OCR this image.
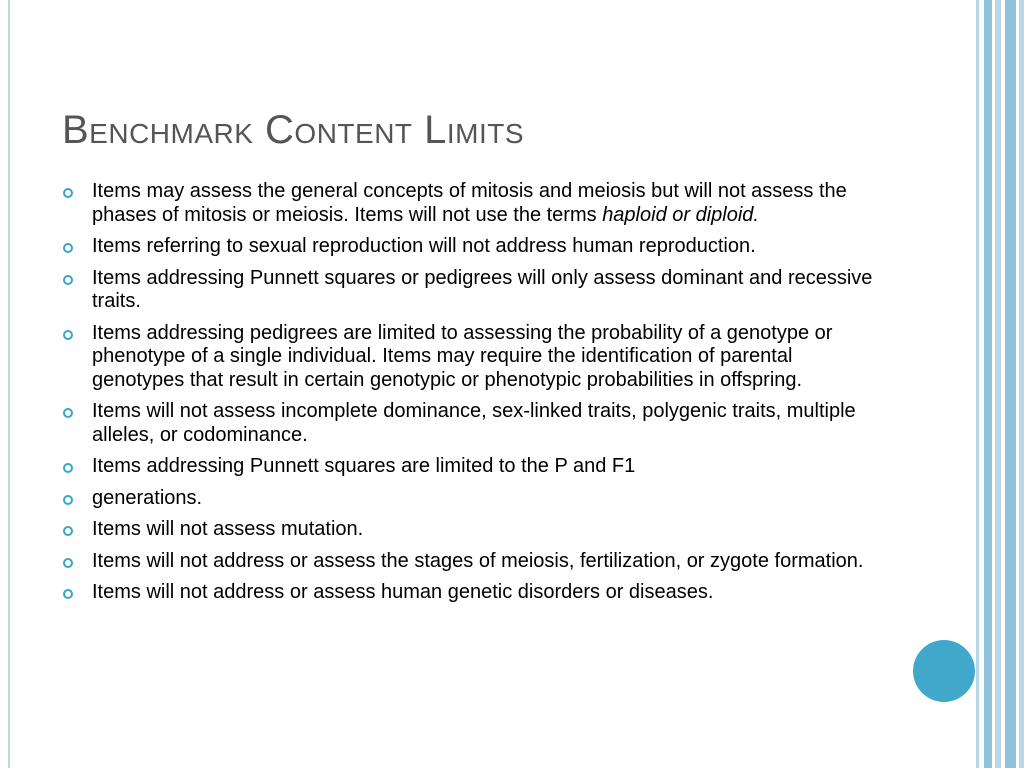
Benchmark Content Limits
Items may assess the general concepts of mitosis and meiosis but will not assess the phases of mitosis or meiosis. Items will not use the terms haploid or diploid.
Items referring to sexual reproduction will not address human reproduction.
Items addressing Punnett squares or pedigrees will only assess dominant and recessive traits.
Items addressing pedigrees are limited to assessing the probability of a genotype or phenotype of a single individual. Items may require the identification of parental genotypes that result in certain genotypic or phenotypic probabilities in offspring.
Items will not assess incomplete dominance, sex-linked traits, polygenic traits, multiple alleles, or codominance.
Items addressing Punnett squares are limited to the P and F1
generations.
Items will not assess mutation.
Items will not address or assess the stages of meiosis, fertilization, or zygote formation.
Items will not address or assess human genetic disorders or diseases.
